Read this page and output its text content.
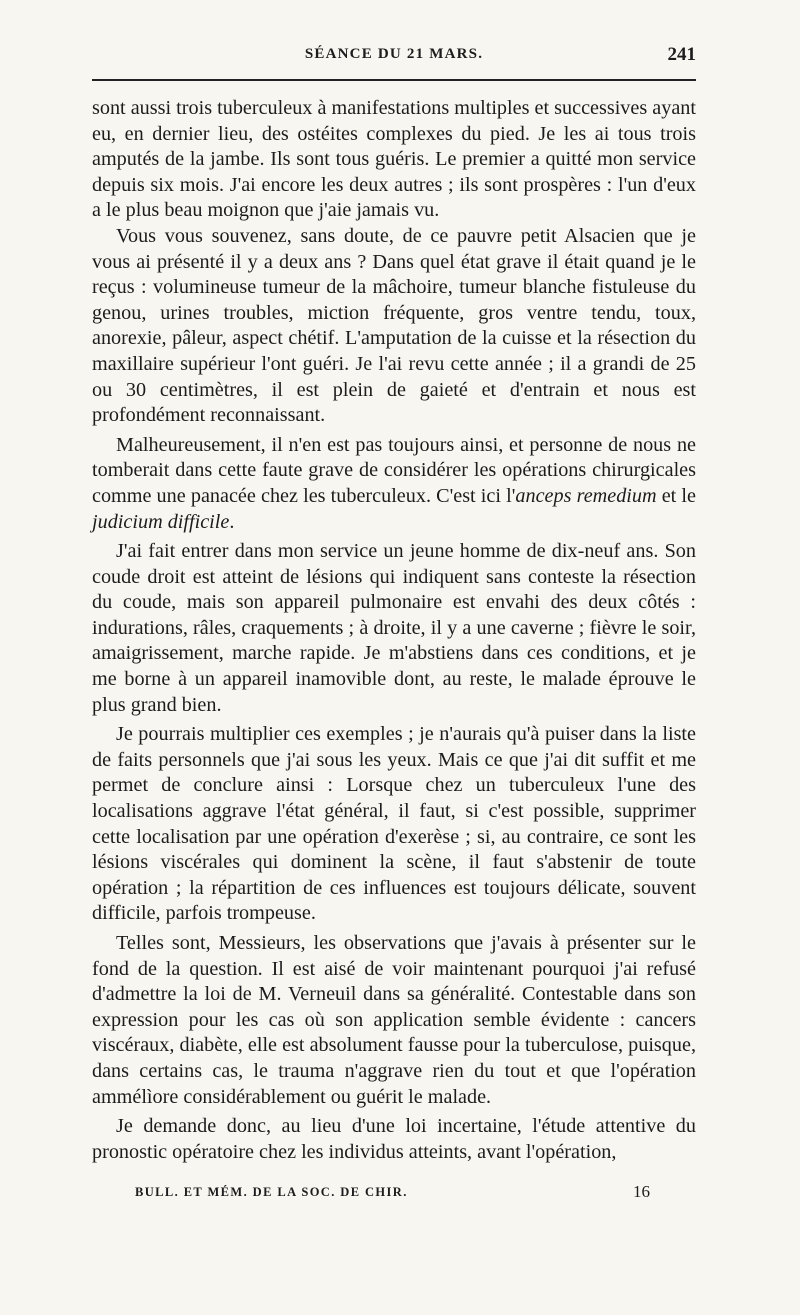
SÉANCE DU 21 MARS.	241

sont aussi trois tuberculeux à manifestations multiples et successives ayant eu, en dernier lieu, des ostéites complexes du pied. Je les ai tous trois amputés de la jambe. Ils sont tous guéris. Le premier a quitté mon service depuis six mois. J'ai encore les deux autres ; ils sont prospères : l'un d'eux a le plus beau moignon que j'aie jamais vu.

Vous vous souvenez, sans doute, de ce pauvre petit Alsacien que je vous ai présenté il y a deux ans ? Dans quel état grave il était quand je le reçus : volumineuse tumeur de la mâchoire, tumeur blanche fistuleuse du genou, urines troubles, miction fréquente, gros ventre tendu, toux, anorexie, pâleur, aspect chétif. L'amputation de la cuisse et la résection du maxillaire supérieur l'ont guéri. Je l'ai revu cette année ; il a grandi de 25 ou 30 centimètres, il est plein de gaieté et d'entrain et nous est profondément reconnaissant.

Malheureusement, il n'en est pas toujours ainsi, et personne de nous ne tomberait dans cette faute grave de considérer les opérations chirurgicales comme une panacée chez les tuberculeux. C'est ici l'anceps remedium et le judicium difficile.

J'ai fait entrer dans mon service un jeune homme de dix-neuf ans. Son coude droit est atteint de lésions qui indiquent sans conteste la résection du coude, mais son appareil pulmonaire est envahi des deux côtés : indurations, râles, craquements ; à droite, il y a une caverne ; fièvre le soir, amaigrissement, marche rapide. Je m'abstiens dans ces conditions, et je me borne à un appareil inamovible dont, au reste, le malade éprouve le plus grand bien.

Je pourrais multiplier ces exemples ; je n'aurais qu'à puiser dans la liste de faits personnels que j'ai sous les yeux. Mais ce que j'ai dit suffit et me permet de conclure ainsi : Lorsque chez un tuberculeux l'une des localisations aggrave l'état général, il faut, si c'est possible, supprimer cette localisation par une opération d'exerèse ; si, au contraire, ce sont les lésions viscérales qui dominent la scène, il faut s'abstenir de toute opération ; la répartition de ces influences est toujours délicate, souvent difficile, parfois trompeuse.

Telles sont, Messieurs, les observations que j'avais à présenter sur le fond de la question. Il est aisé de voir maintenant pourquoi j'ai refusé d'admettre la loi de M. Verneuil dans sa généralité. Contestable dans son expression pour les cas où son application semble évidente : cancers viscéraux, diabète, elle est absolument fausse pour la tuberculose, puisque, dans certains cas, le trauma n'aggrave rien du tout et que l'opération ammélìore considérablement ou guérit le malade.

Je demande donc, au lieu d'une loi incertaine, l'étude attentive du pronostic opératoire chez les individus atteints, avant l'opération,

BULL. ET MÉM. DE LA SOC. DE CHIR.	16
